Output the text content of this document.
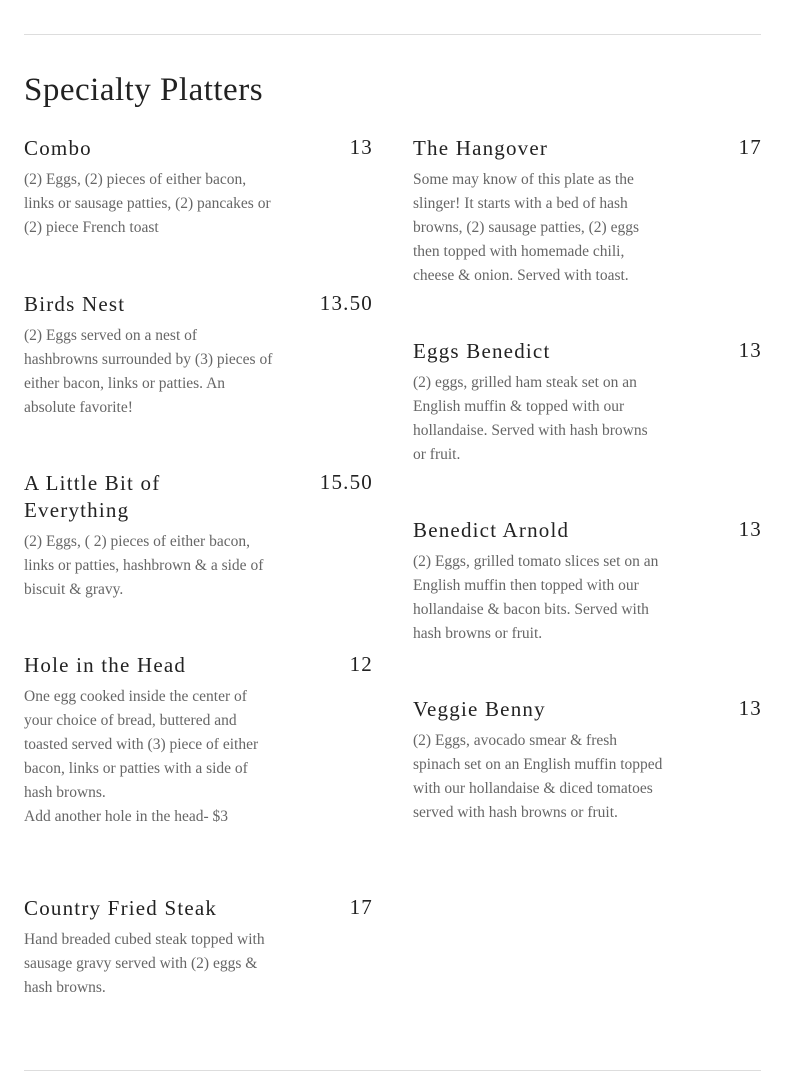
Specialty Platters
Combo	13
(2) Eggs, (2) pieces of either bacon, links or sausage patties, (2) pancakes or (2) piece French toast
Birds Nest	13.50
(2) Eggs served on a nest of hashbrowns surrounded by (3) pieces of either bacon, links or patties. An absolute favorite!
A Little Bit of Everything
15.50
(2) Eggs, ( 2) pieces of either bacon, links or patties, hashbrown & a side of biscuit & gravy.
Hole in the Head	12
One egg cooked inside the center of your choice of bread, buttered and toasted served with (3) piece of either bacon, links or patties with a side of hash browns.
Add another hole in the head- $3
Country Fried Steak	17
Hand breaded cubed steak topped with sausage gravy served with (2) eggs & hash browns.
The Hangover	17
Some may know of this plate as the slinger! It starts with a bed of hash browns, (2) sausage patties, (2) eggs then topped with homemade chili, cheese & onion. Served with toast.
Eggs Benedict	13
(2) eggs, grilled ham steak set on an English muffin & topped with our hollandaise. Served with hash browns or fruit.
Benedict Arnold	13
(2) Eggs, grilled tomato slices set on an English muffin then topped with our hollandaise & bacon bits. Served with hash browns or fruit.
Veggie Benny	13
(2) Eggs, avocado smear & fresh spinach set on an English muffin topped with our hollandaise & diced tomatoes served with hash browns or fruit.
